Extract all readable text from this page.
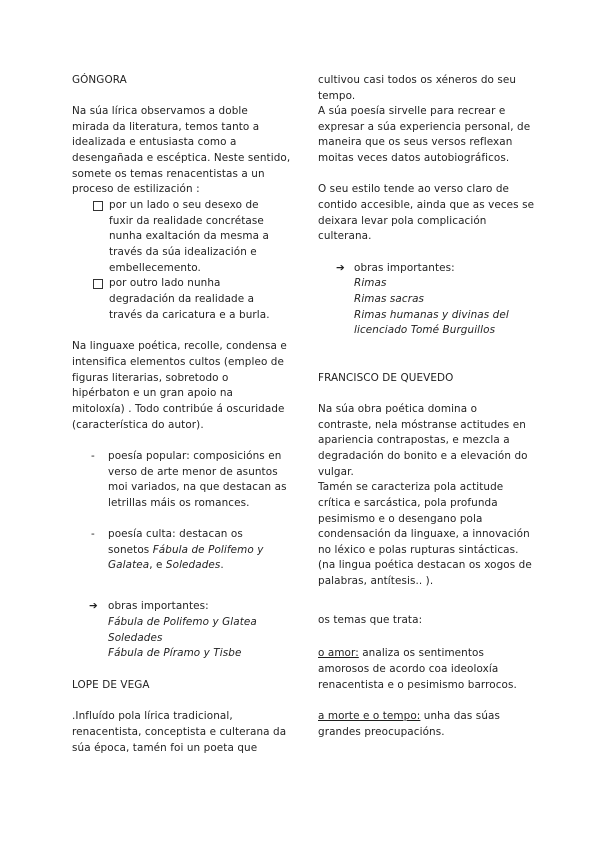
GÓNGORA
Na súa lírica observamos a doble
mirada da literatura, temos tanto a
idealizada e entusiasta como a
desengañada e escéptica. Neste sentido,
somete os temas renacentistas a un
proceso de estilización :
por un lado o seu desexo de
fuxir da realidade concrétase
nunha exaltación da mesma a
través da súa idealización e
embellecemento.
por outro lado nunha
degradación da realidade a
través da caricatura e a burla.
Na linguaxe poética, recolle, condensa e
intensifica elementos cultos (empleo de
figuras literarias, sobretodo o
hipérbaton e un gran apoio na
mitoloxía) . Todo contribúe á oscuridade
(característica do autor).
- poesía popular: composicións en
verso de arte menor de asuntos
moi variados, na que destacan as
letrillas máis os romances.
- poesía culta: destacan os
sonetos Fábula de Polifemo y
Galatea, e Soledades.
➔ obras importantes:
Fábula de Polifemo y Glatea
Soledades
Fábula de Píramo y Tisbe
LOPE DE VEGA
.Influído pola lírica tradicional,
renacentista, conceptista e culterana da
súa época, tamén foi un poeta que
cultivou casi todos os xéneros do seu
tempo.
A súa poesía sirvelle para recrear e
expresar a súa experiencia personal, de
maneira que os seus versos reflexan
moitas veces datos autobiográficos.
O seu estilo tende ao verso claro de
contido accesible, ainda que as veces se
deixara levar pola complicación
culterana.
➔ obras importantes:
Rimas
Rimas sacras
Rimas humanas y divinas del
licenciado Tomé Burguillos
FRANCISCO DE QUEVEDO
Na súa obra poética domina o
contraste, nela móstranse actitudes en
apariencia contrapostas, e mezcla a
degradación do bonito e a elevación do
vulgar.
Tamén se caracteriza pola actitude
crítica e sarcástica, pola profunda
pesimismo e o desengano pola
condensación da linguaxe, a innovación
no léxico e polas rupturas sintácticas.
(na lingua poética destacan os xogos de
palabras, antítesis.. ).
os temas que trata:
o amor: analiza os sentimentos
amorosos de acordo coa ideoloxía
renacentista e o pesimismo barrocos.
a morte e o tempo: unha das súas
grandes preocupacións.
